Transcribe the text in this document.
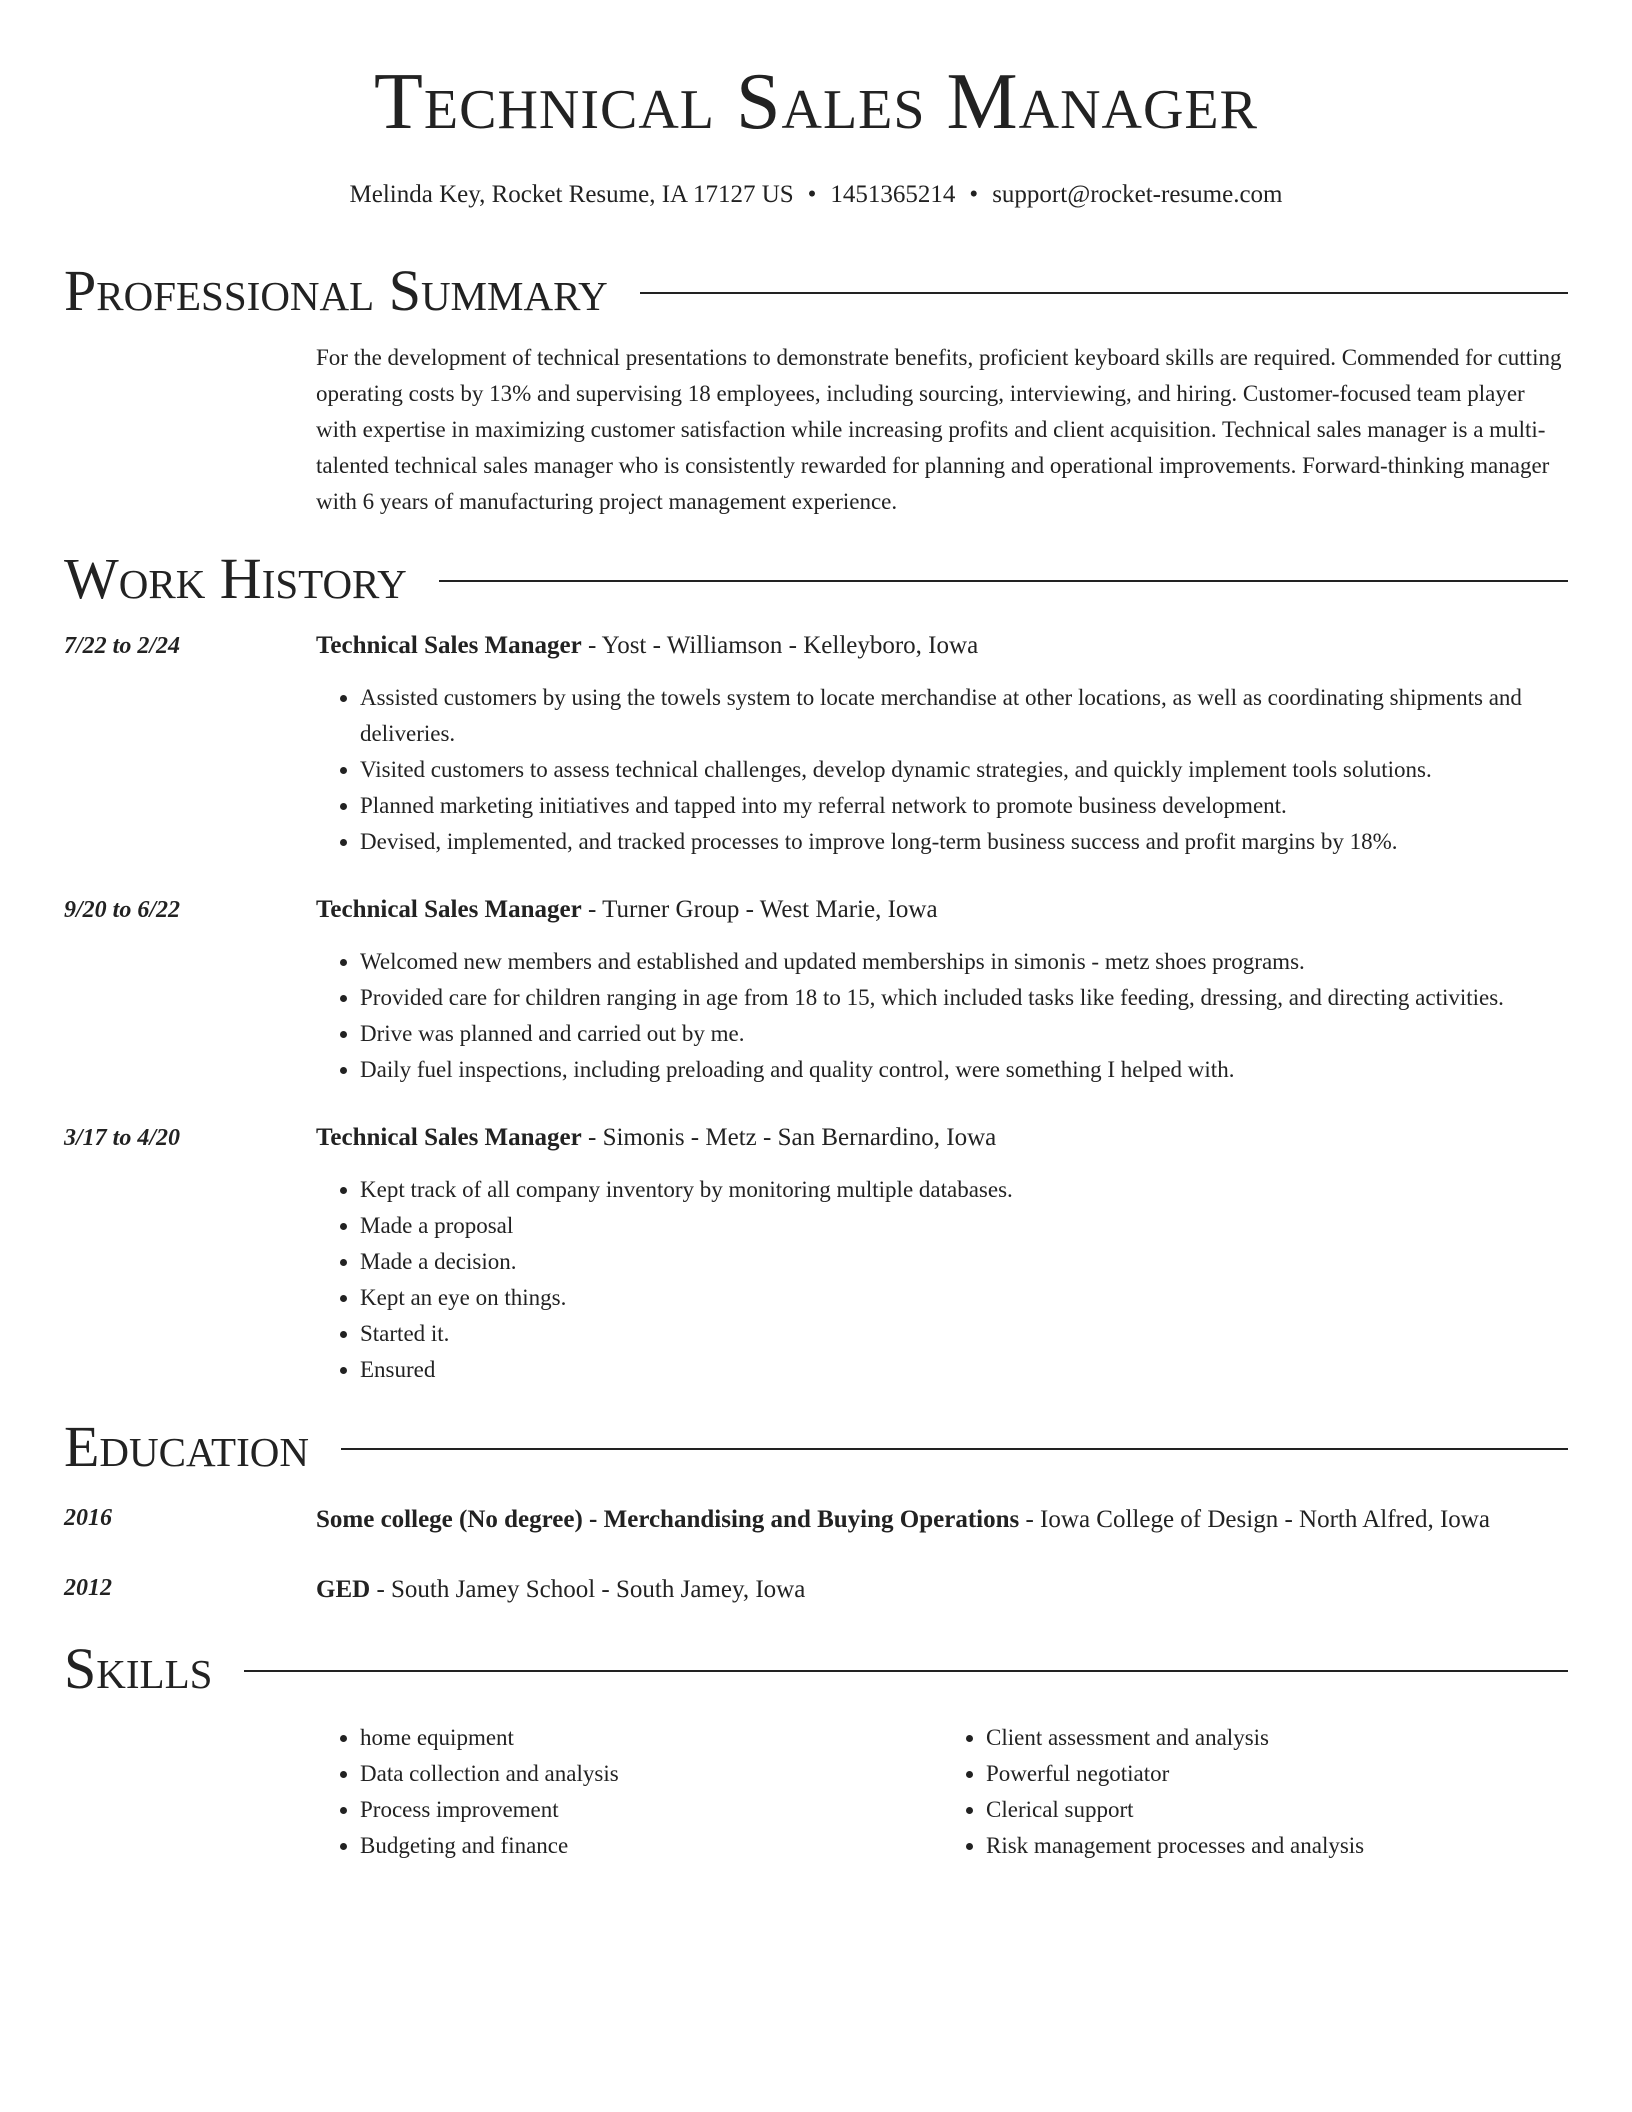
Technical Sales Manager
Melinda Key, Rocket Resume, IA 17127 US • 1451365214 • support@rocket-resume.com
Professional Summary
For the development of technical presentations to demonstrate benefits, proficient keyboard skills are required. Commended for cutting operating costs by 13% and supervising 18 employees, including sourcing, interviewing, and hiring. Customer-focused team player with expertise in maximizing customer satisfaction while increasing profits and client acquisition. Technical sales manager is a multi-talented technical sales manager who is consistently rewarded for planning and operational improvements. Forward-thinking manager with 6 years of manufacturing project management experience.
Work History
7/22 to 2/24	Technical Sales Manager - Yost - Williamson - Kelleyboro, Iowa
• Assisted customers by using the towels system to locate merchandise at other locations, as well as coordinating shipments and deliveries.
• Visited customers to assess technical challenges, develop dynamic strategies, and quickly implement tools solutions.
• Planned marketing initiatives and tapped into my referral network to promote business development.
• Devised, implemented, and tracked processes to improve long-term business success and profit margins by 18%.
9/20 to 6/22	Technical Sales Manager - Turner Group - West Marie, Iowa
• Welcomed new members and established and updated memberships in simonis - metz shoes programs.
• Provided care for children ranging in age from 18 to 15, which included tasks like feeding, dressing, and directing activities.
• Drive was planned and carried out by me.
• Daily fuel inspections, including preloading and quality control, were something I helped with.
3/17 to 4/20	Technical Sales Manager - Simonis - Metz - San Bernardino, Iowa
• Kept track of all company inventory by monitoring multiple databases.
• Made a proposal
• Made a decision.
• Kept an eye on things.
• Started it.
• Ensured
Education
2016	Some college (No degree) - Merchandising and Buying Operations - Iowa College of Design - North Alfred, Iowa
2012	GED - South Jamey School - South Jamey, Iowa
Skills
• home equipment
• Data collection and analysis
• Process improvement
• Budgeting and finance
• Client assessment and analysis
• Powerful negotiator
• Clerical support
• Risk management processes and analysis
